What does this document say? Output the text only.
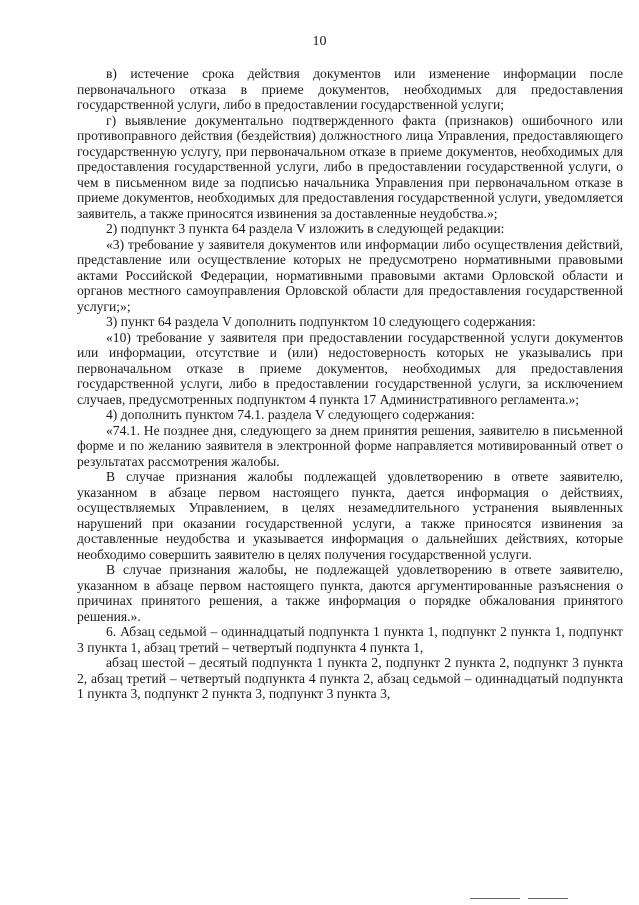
10

в) истечение срока действия документов или изменение информации после первоначального отказа в приеме документов, необходимых для предоставления государственной услуги, либо в предоставлении государственной услуги;

г) выявление документально подтвержденного факта (признаков) ошибочного или противоправного действия (бездействия) должностного лица Управления, предоставляющего государственную услугу, при первоначальном отказе в приеме документов, необходимых для предоставления государственной услуги, либо в предоставлении государственной услуги, о чем в письменном виде за подписью начальника Управления при первоначальном отказе в приеме документов, необходимых для предоставления государственной услуги, уведомляется заявитель, а также приносятся извинения за доставленные неудобства.»;

2) подпункт 3 пункта 64 раздела V изложить в следующей редакции:

«3) требование у заявителя документов или информации либо осуществления действий, представление или осуществление которых не предусмотрено нормативными правовыми актами Российской Федерации, нормативными правовыми актами Орловской области и органов местного самоуправления Орловской области для предоставления государственной услуги;»;

3) пункт 64 раздела V дополнить подпунктом 10 следующего содержания:

«10) требование у заявителя при предоставлении государственной услуги документов или информации, отсутствие и (или) недостоверность которых не указывались при первоначальном отказе в приеме документов, необходимых для предоставления государственной услуги, либо в предоставлении государственной услуги, за исключением случаев, предусмотренных подпунктом 4 пункта 17 Административного регламента.»;

4) дополнить пунктом 74.1. раздела V следующего содержания:

«74.1. Не позднее дня, следующего за днем принятия решения, заявителю в письменной форме и по желанию заявителя в электронной форме направляется мотивированный ответ о результатах рассмотрения жалобы.

В случае признания жалобы подлежащей удовлетворению в ответе заявителю, указанном в абзаце первом настоящего пункта, дается информация о действиях, осуществляемых Управлением, в целях незамедлительного устранения выявленных нарушений при оказании государственной услуги, а также приносятся извинения за доставленные неудобства и указывается информация о дальнейших действиях, которые необходимо совершить заявителю в целях получения государственной услуги.

В случае признания жалобы, не подлежащей удовлетворению в ответе заявителю, указанном в абзаце первом настоящего пункта, даются аргументированные разъяснения о причинах принятого решения, а также информация о порядке обжалования принятого решения.».

6. Абзац седьмой – одиннадцатый подпункта 1 пункта 1, подпункт 2 пункта 1, подпункт 3 пункта 1, абзац третий – четвертый подпункта 4 пункта 1,

абзац шестой – десятый подпункта 1 пункта 2, подпункт 2 пункта 2, подпункт 3 пункта 2, абзац третий – четвертый подпункта 4 пункта 2, абзац седьмой – одиннадцатый подпункта 1 пункта 3, подпункт 2 пункта 3, подпункт 3 пункта 3,
